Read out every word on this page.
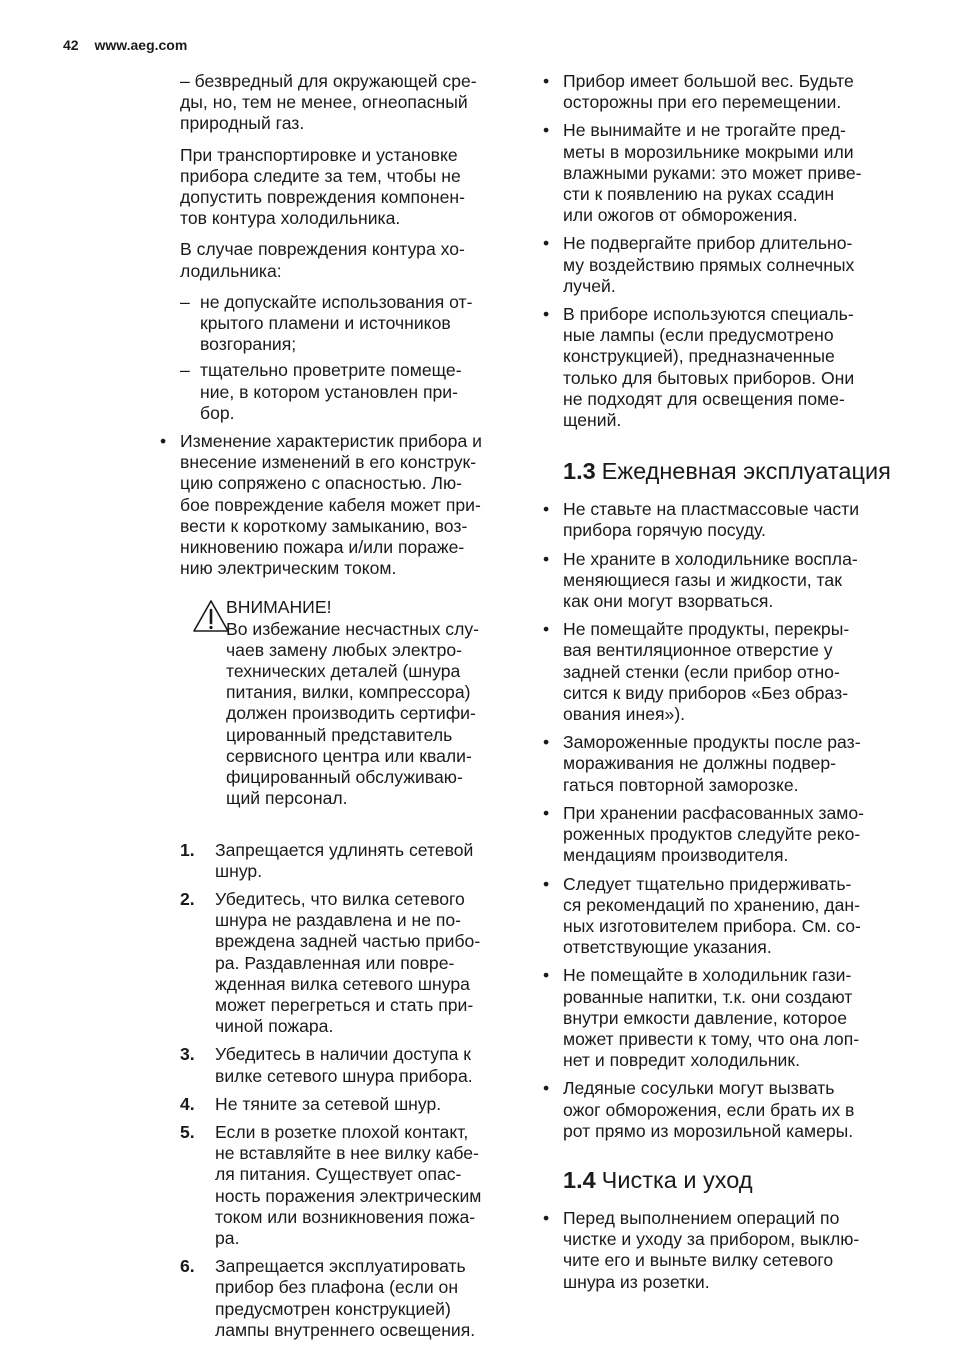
42 www.aeg.com

– безвредный для окружающей сре-
ды, но, тем не менее, огнеопасный
природный газ.

При транспортировке и установке
прибора следите за тем, чтобы не
допустить повреждения компонен-
тов контура холодильника.

В случае повреждения контура хо-
лодильника:

– не допускайте использования от-
крытого пламени и источников
возгорания;
– тщательно проветрите помеще-
ние, в котором установлен при-
бор.
• Изменение характеристик прибора и
внесение изменений в его конструк-
цию сопряжено с опасностью. Лю-
бое повреждение кабеля может при-
вести к короткому замыканию, воз-
никновению пожара и/или пораже-
нию электрическим током.
ВНИМАНИЕ!
Во избежание несчастных слу-
чаев замену любых электро-
технических деталей (шнура
питания, вилки, компрессора)
должен производить сертифи-
цированный представитель
сервисного центра или квали-
фицированный обслуживаю-
щий персонал.
1. Запрещается удлинять сетевой
шнур.
2. Убедитесь, что вилка сетевого
шнура не раздавлена и не по-
вреждена задней частью прибо-
ра. Раздавленная или повре-
жденная вилка сетевого шнура
может перегреться и стать при-
чиной пожара.
3. Убедитесь в наличии доступа к
вилке сетевого шнура прибора.
4. Не тяните за сетевой шнур.
5. Если в розетке плохой контакт,
не вставляйте в нее вилку кабе-
ля питания. Существует опас-
ность поражения электрическим
током или возникновения пожа-
ра.
6. Запрещается эксплуатировать
прибор без плафона (если он
предусмотрен конструкцией)
лампы внутреннего освещения.
• Прибор имеет большой вес. Будьте
осторожны при его перемещении.
• Не вынимайте и не трогайте пред-
меты в морозильнике мокрыми или
влажными руками: это может приве-
сти к появлению на руках ссадин
или ожогов от обморожения.
• Не подвергайте прибор длительно-
му воздействию прямых солнечных
лучей.
• В приборе используются специаль-
ные лампы (если предусмотрено
конструкцией), предназначенные
только для бытовых приборов. Они
не подходят для освещения поме-
щений.
1.3 Ежедневная эксплуатация
• Не ставьте на пластмассовые части
прибора горячую посуду.
• Не храните в холодильнике воспла-
меняющиеся газы и жидкости, так
как они могут взорваться.
• Не помещайте продукты, перекры-
вая вентиляционное отверстие у
задней стенки (если прибор отно-
сится к виду приборов «Без образ-
ования инея»).
• Замороженные продукты после раз-
мораживания не должны подвер-
гаться повторной заморозке.
• При хранении расфасованных замо-
роженных продуктов следуйте реко-
мендациям производителя.
• Следует тщательно придерживать-
ся рекомендаций по хранению, дан-
ных изготовителем прибора. См. со-
ответствующие указания.
• Не помещайте в холодильник гази-
рованные напитки, т.к. они создают
внутри емкости давление, которое
может привести к тому, что она лоп-
нет и повредит холодильник.
• Ледяные сосульки могут вызвать
ожог обморожения, если брать их в
рот прямо из морозильной камеры.
1.4 Чистка и уход
• Перед выполнением операций по
чистке и уходу за прибором, выклю-
чите его и выньте вилку сетевого
шнура из розетки.
